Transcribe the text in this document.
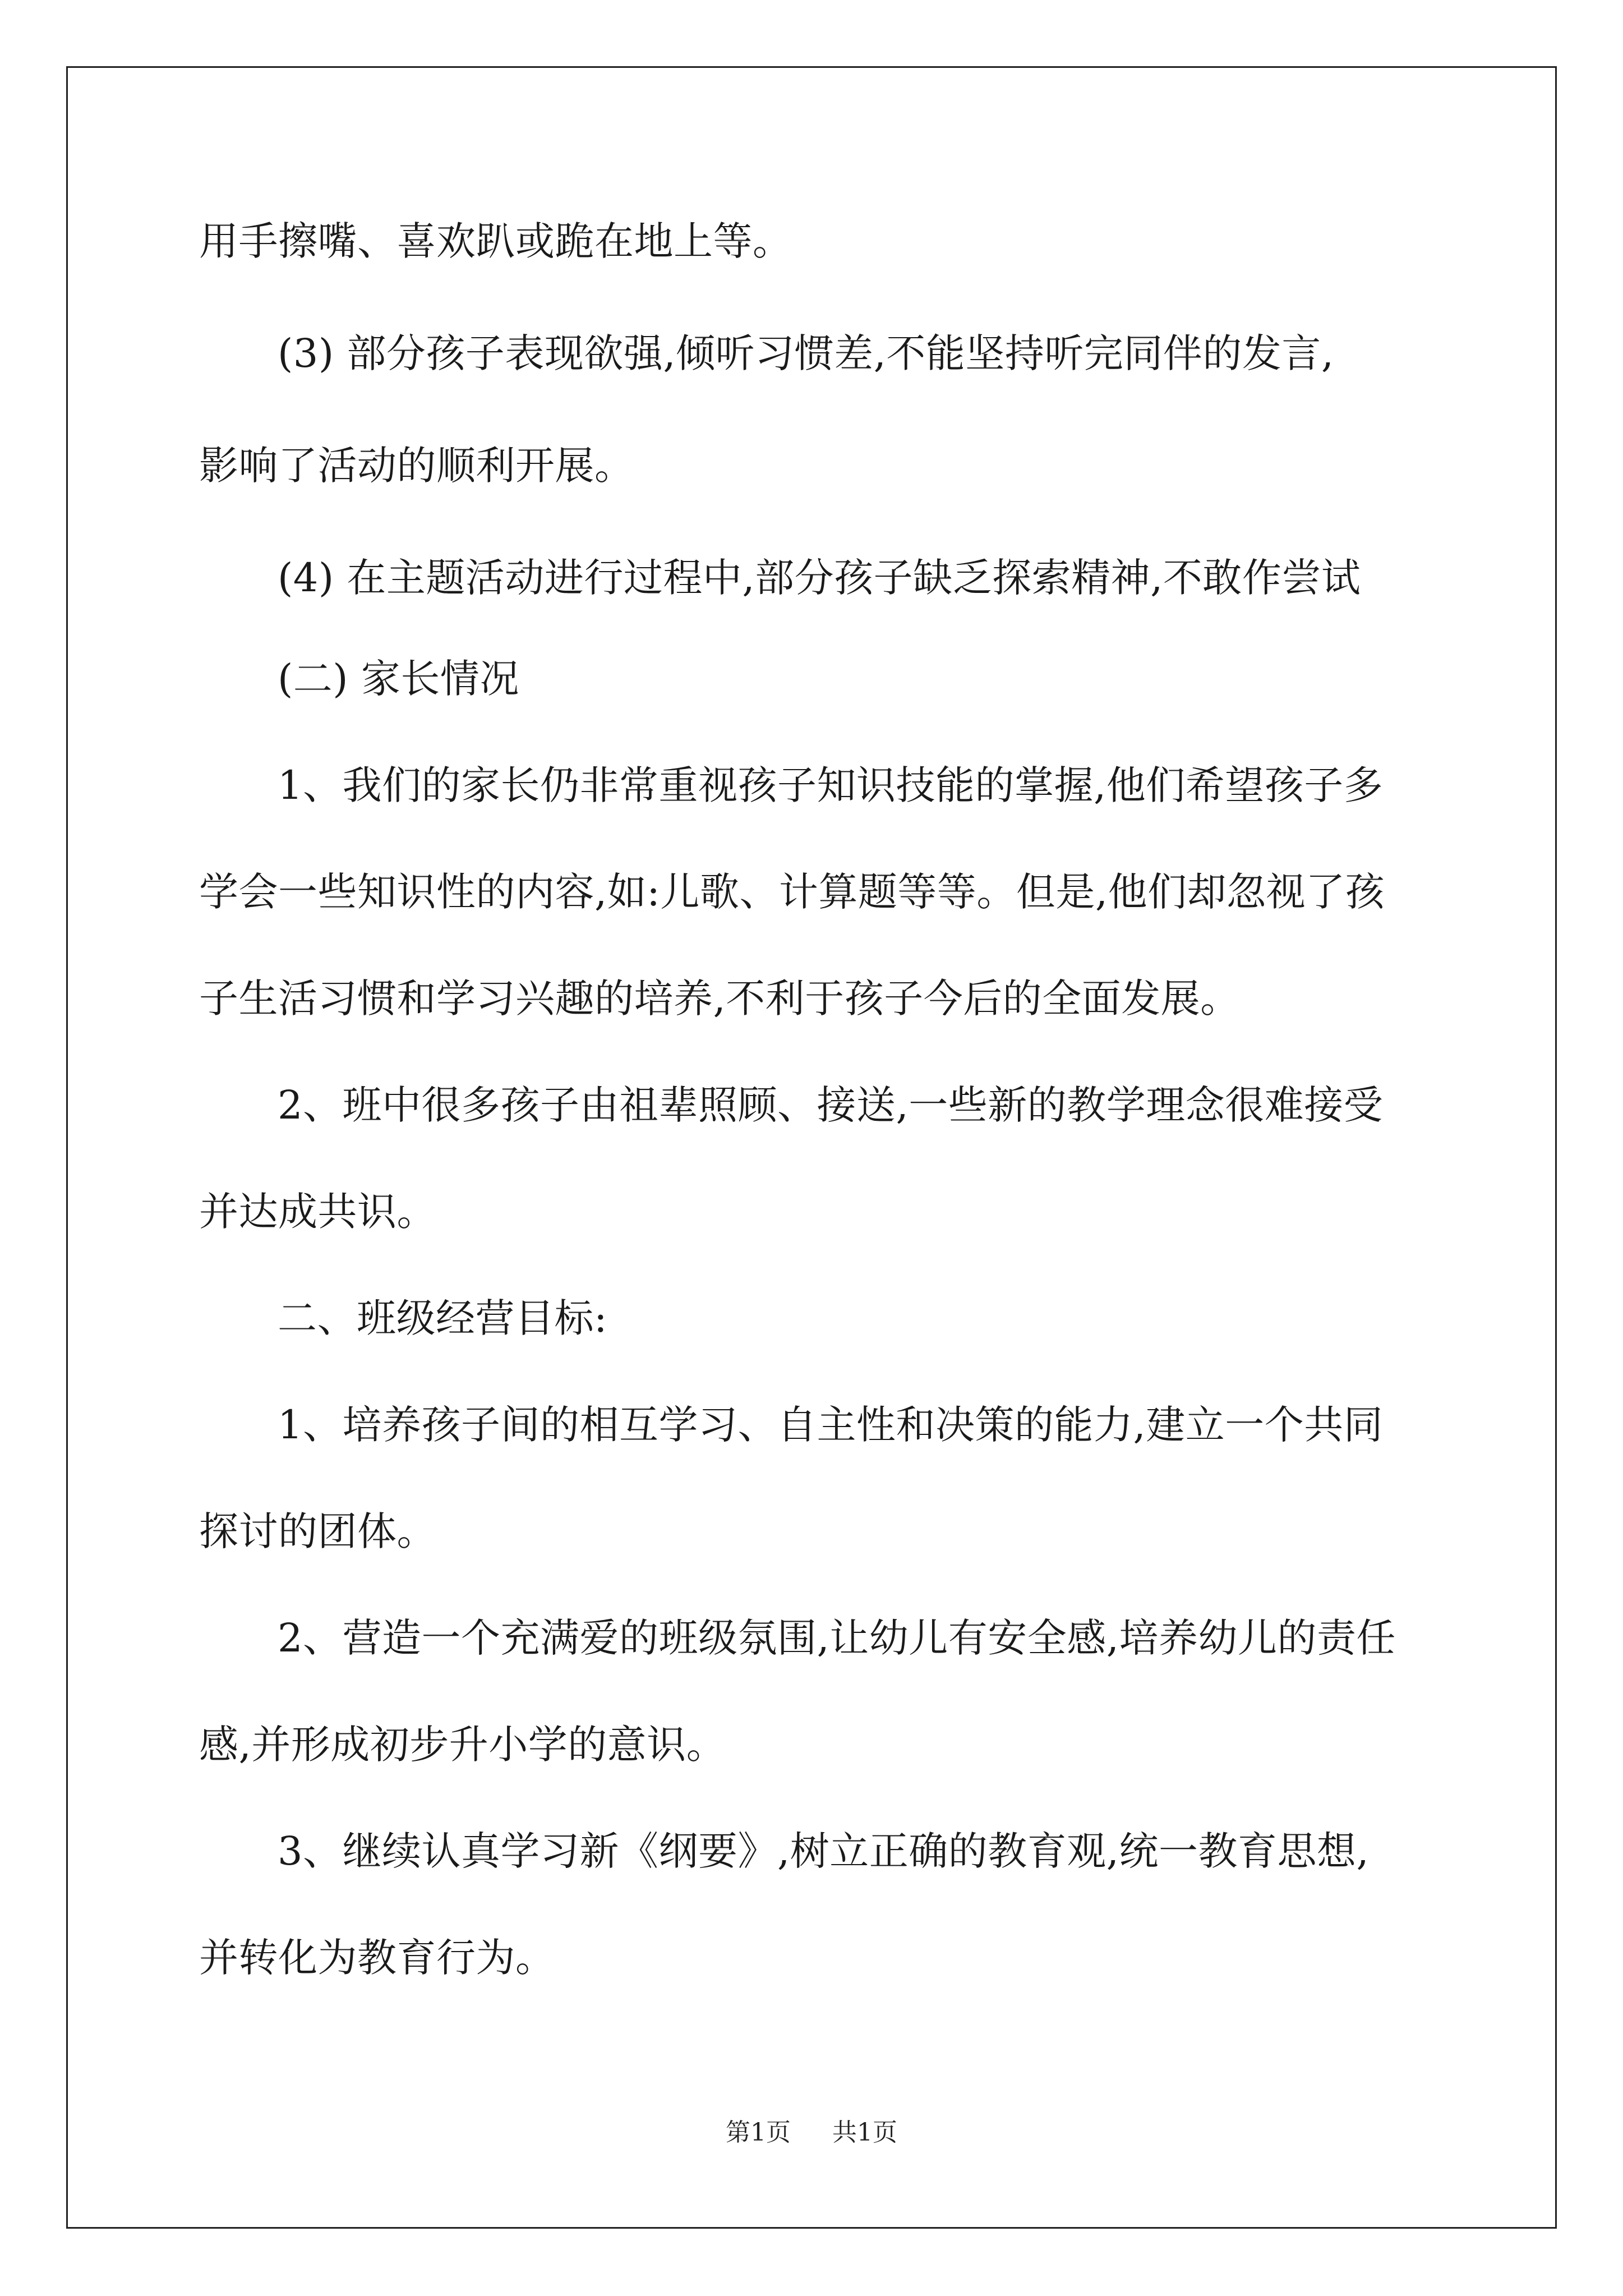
用手擦嘴、喜欢趴或跪在地上等。
(3) 部分孩子表现欲强,倾听习惯差,不能坚持听完同伴的发言,
影响了活动的顺利开展。
(4) 在主题活动进行过程中,部分孩子缺乏探索精神,不敢作尝试
(二) 家长情况
1、我们的家长仍非常重视孩子知识技能的掌握,他们希望孩子多
学会一些知识性的内容,如:儿歌、计算题等等。但是,他们却忽视了孩
子生活习惯和学习兴趣的培养,不利于孩子今后的全面发展。
2、班中很多孩子由祖辈照顾、接送,一些新的教学理念很难接受
并达成共识。
二、班级经营目标:
1、培养孩子间的相互学习、自主性和决策的能力,建立一个共同
探讨的团体。
2、营造一个充满爱的班级氛围,让幼儿有安全感,培养幼儿的责任
感,并形成初步升小学的意识。
3、继续认真学习新《纲要》,树立正确的教育观,统一教育思想,
并转化为教育行为。
第1页 共1页
